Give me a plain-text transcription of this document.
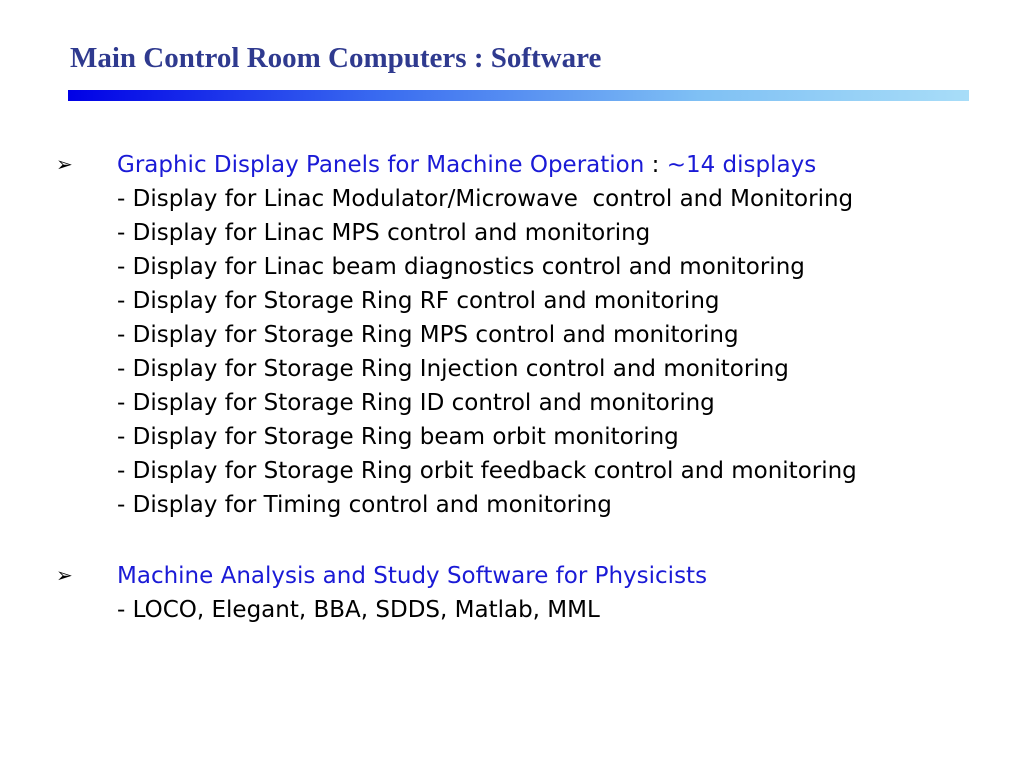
Main Control Room Computers : Software
➢ Graphic Display Panels for Machine Operation : ~14 displays
- Display for Linac Modulator/Microwave  control and Monitoring
- Display for Linac MPS control and monitoring
- Display for Linac beam diagnostics control and monitoring
- Display for Storage Ring RF control and monitoring
- Display for Storage Ring MPS control and monitoring
- Display for Storage Ring Injection control and monitoring
- Display for Storage Ring ID control and monitoring
- Display for Storage Ring beam orbit monitoring
- Display for Storage Ring orbit feedback control and monitoring
- Display for Timing control and monitoring
➢ Machine Analysis and Study Software for Physicists
- LOCO, Elegant, BBA, SDDS, Matlab, MML
